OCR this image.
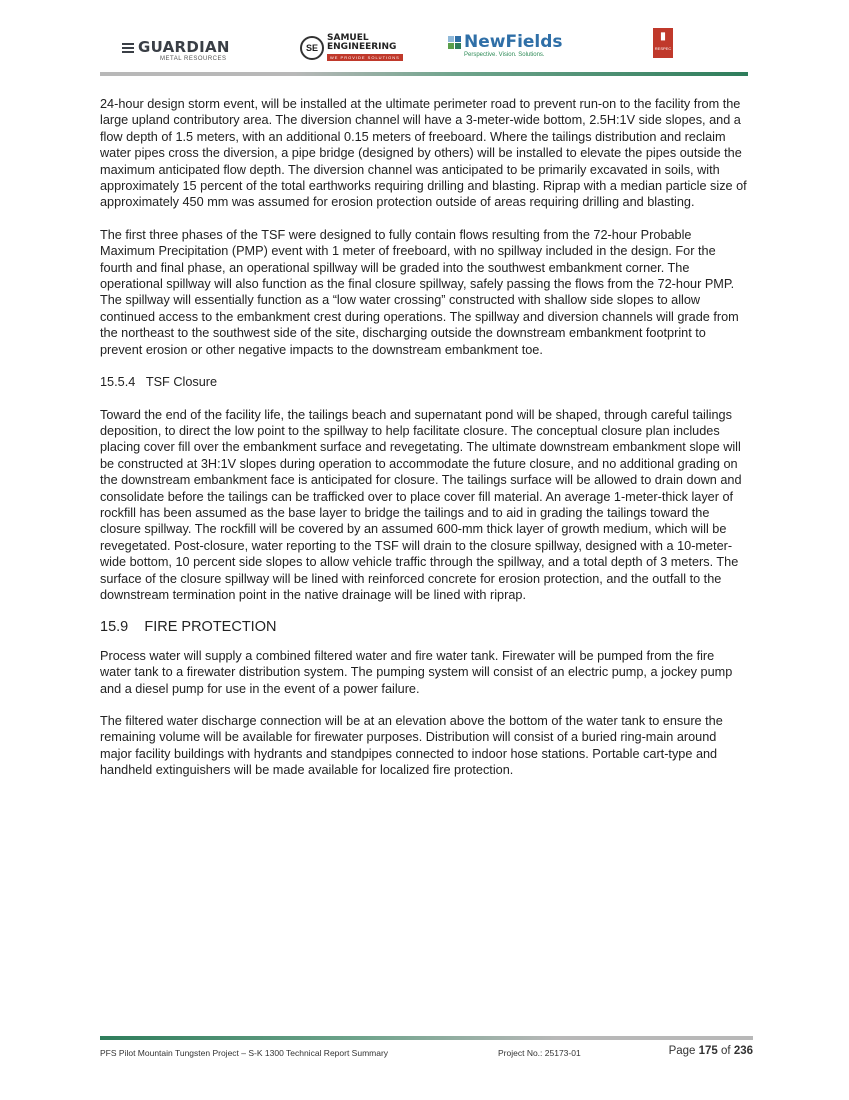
GUARDIAN
METAL RESOURCES
SE
SAMUEL
ENGINEERING
WE PROVIDE SOLUTIONS
NewFields
Perspective. Vision. Solutions.
▮
RESPEC

24-hour design storm event, will be installed at the ultimate perimeter road to prevent run-on to the facility from the large upland contributory area. The diversion channel will have a 3-meter-wide bottom, 2.5H:1V side slopes, and a flow depth of 1.5 meters, with an additional 0.15 meters of freeboard. Where the tailings distribution and reclaim water pipes cross the diversion, a pipe bridge (designed by others) will be installed to elevate the pipes outside the maximum anticipated flow depth. The diversion channel was anticipated to be primarily excavated in soils, with approximately 15 percent of the total earthworks requiring drilling and blasting. Riprap with a median particle size of approximately 450 mm was assumed for erosion protection outside of areas requiring drilling and blasting.

The first three phases of the TSF were designed to fully contain flows resulting from the 72-hour Probable Maximum Precipitation (PMP) event with 1 meter of freeboard, with no spillway included in the design. For the fourth and final phase, an operational spillway will be graded into the southwest embankment corner. The operational spillway will also function as the final closure spillway, safely passing the flows from the 72-hour PMP. The spillway will essentially function as a “low water crossing” constructed with shallow side slopes to allow continued access to the embankment crest during operations. The spillway and diversion channels will grade from the northeast to the southwest side of the site, discharging outside the downstream embankment footprint to prevent erosion or other negative impacts to the downstream embankment toe.

15.5.4   TSF Closure

Toward the end of the facility life, the tailings beach and supernatant pond will be shaped, through careful tailings deposition, to direct the low point to the spillway to help facilitate closure. The conceptual closure plan includes placing cover fill over the embankment surface and revegetating. The ultimate downstream embankment slope will be constructed at 3H:1V slopes during operation to accommodate the future closure, and no additional grading on the downstream embankment face is anticipated for closure. The tailings surface will be allowed to drain down and consolidate before the tailings can be trafficked over to place cover fill material. An average 1-meter-thick layer of rockfill has been assumed as the base layer to bridge the tailings and to aid in grading the tailings toward the closure spillway. The rockfill will be covered by an assumed 600-mm thick layer of growth medium, which will be revegetated. Post-closure, water reporting to the TSF will drain to the closure spillway, designed with a 10-meter-wide bottom, 10 percent side slopes to allow vehicle traffic through the spillway, and a total depth of 3 meters. The surface of the closure spillway will be lined with reinforced concrete for erosion protection, and the outfall to the downstream termination point in the native drainage will be lined with riprap.

15.9    FIRE PROTECTION

Process water will supply a combined filtered water and fire water tank. Firewater will be pumped from the fire water tank to a firewater distribution system. The pumping system will consist of an electric pump, a jockey pump and a diesel pump for use in the event of a power failure.

The filtered water discharge connection will be at an elevation above the bottom of the water tank to ensure the remaining volume will be available for firewater purposes. Distribution will consist of a buried ring-main around major facility buildings with hydrants and standpipes connected to indoor hose stations. Portable cart-type and handheld extinguishers will be made available for localized fire protection.

PFS Pilot Mountain Tungsten Project – S-K 1300 Technical Report Summary	Project No.: 25173-01	Page 175 of 236
